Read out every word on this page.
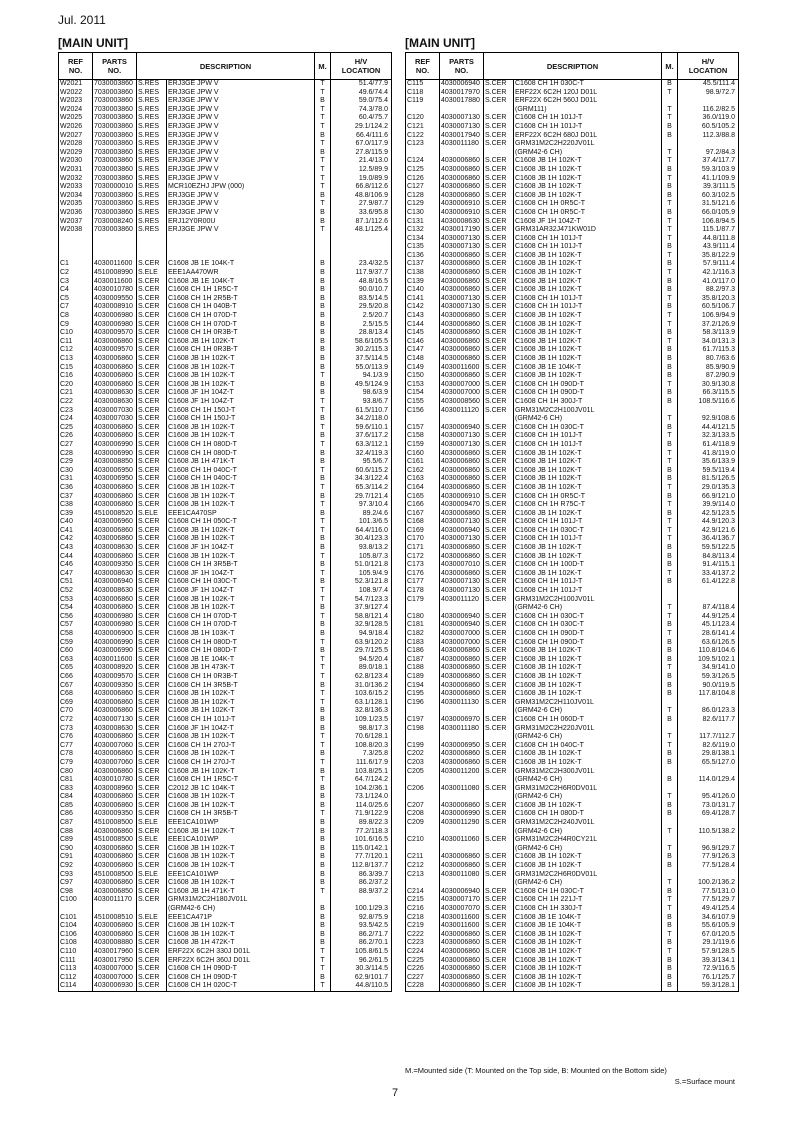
Jul. 2011
[MAIN UNIT]	[MAIN UNIT]
REF
NO.	PARTS
NO.	DESCRIPTION		M.	H/V
LOCATION
W2021	7030003860	S.RES	ERJ3GE JPW V	T	51.4/77.9
W2022	7030003860	S.RES	ERJ3GE JPW V	T	49.6/74.4
W2023	7030003860	S.RES	ERJ3GE JPW V	B	59.0/75.4
W2024	7030003860	S.RES	ERJ3GE JPW V	T	74.3/78.0
W2025	7030003860	S.RES	ERJ3GE JPW V	T	60.4/75.7
W2026	7030003860	S.RES	ERJ3GE JPW V	T	29.1/124.2
W2027	7030003860	S.RES	ERJ3GE JPW V	B	66.4/111.6
W2028	7030003860	S.RES	ERJ3GE JPW V	T	67.0/117.9
W2029	7030003860	S.RES	ERJ3GE JPW V	B	27.8/115.9
W2030	7030003860	S.RES	ERJ3GE JPW V	T	21.4/13.0
W2031	7030003860	S.RES	ERJ3GE JPW V	T	12.5/89.9
W2032	7030003860	S.RES	ERJ3GE JPW V	T	19.0/89.9
W2033	7030000010	S.RES	MCR10EZHJ JPW (000)	T	66.8/112.6
W2034	7030003860	S.RES	ERJ3GE JPW V	B	48.8/106.9
W2035	7030003860	S.RES	ERJ3GE JPW V	T	27.9/87.7
W2036	7030003860	S.RES	ERJ3GE JPW V	B	33.6/95.8
W2037	7030008240	S.RES	ERJ12Y0R00U	B	87.1/112.6
W2038	7030003860	S.RES	ERJ3GE JPW V	T	48.1/125.4

C1	4030011600	S.CER	C1608 JB 1E 104K-T	B	23.4/32.5
C2	4510008990	S.ELE	EEE1AA470WR	B	117.9/37.7
C3	4030011600	S.CER	C1608 JB 1E 104K-T	B	48.8/16.5
C4	4030010780	S.CER	C1608 CH 1H 1R5C-T	B	90.0/10.7
C5	4030009550	S.CER	C1608 CH 1H 2R5B-T	B	83.5/14.5
C7	4030008910	S.CER	C1608 CH 1H 040B-T	B	29.5/20.8
C8	4030006980	S.CER	C1608 CH 1H 070D-T	B	2.5/20.7
C9	4030006980	S.CER	C1608 CH 1H 070D-T	B	2.5/15.5
C10	4030009570	S.CER	C1608 CH 1H 0R3B-T	B	28.8/13.4
C11	4030006860	S.CER	C1608 JB 1H 102K-T	B	58.6/105.5
C12	4030009570	S.CER	C1608 CH 1H 0R3B-T	B	30.2/115.3
C13	4030006860	S.CER	C1608 JB 1H 102K-T	B	37.5/114.5
C15	4030006860	S.CER	C1608 JB 1H 102K-T	B	55.0/113.9
C16	4030006860	S.CER	C1608 JB 1H 102K-T	T	94.1/3.9
C20	4030006860	S.CER	C1608 JB 1H 102K-T	B	49.5/124.9
C21	4030008630	S.CER	C1608 JF 1H 104Z-T	B	98.6/3.9
C22	4030008630	S.CER	C1608 JF 1H 104Z-T	T	93.8/6.7
C23	4030007030	S.CER	C1608 CH 1H 150J-T	T	61.5/110.7
C24	4030007030	S.CER	C1608 CH 1H 150J-T	B	34.2/118.0
C25	4030006860	S.CER	C1608 JB 1H 102K-T	T	59.6/110.1
C26	4030006860	S.CER	C1608 JB 1H 102K-T	B	37.6/117.2
C27	4030006990	S.CER	C1608 CH 1H 080D-T	T	63.3/112.1
C28	4030006990	S.CER	C1608 CH 1H 080D-T	B	32.4/119.3
C29	4030008850	S.CER	C1608 JB 1H 471K-T	B	95.5/6.7
C30	4030006950	S.CER	C1608 CH 1H 040C-T	T	60.6/115.2
C31	4030006950	S.CER	C1608 CH 1H 040C-T	B	34.3/122.4
C36	4030006860	S.CER	C1608 JB 1H 102K-T	T	65.3/114.2
C37	4030006860	S.CER	C1608 JB 1H 102K-T	B	29.7/121.4
C38	4030006860	S.CER	C1608 JB 1H 102K-T	T	97.3/10.4
C39	4510008520	S.ELE	EEE1CA470SP	B	89.2/4.6
C40	4030006960	S.CER	C1608 CH 1H 050C-T	T	101.3/6.5
C41	4030006860	S.CER	C1608 JB 1H 102K-T	T	64.4/116.0
C42	4030006860	S.CER	C1608 JB 1H 102K-T	B	30.4/123.3
C43	4030008630	S.CER	C1608 JF 1H 104Z-T	B	93.8/13.2
C44	4030006860	S.CER	C1608 JB 1H 102K-T	T	105.8/7.3
C46	4030009350	S.CER	C1608 CH 1H 3R5B-T	B	51.0/121.8
C47	4030008630	S.CER	C1608 JF 1H 104Z-T	T	105.9/4.9
C51	4030006940	S.CER	C1608 CH 1H 030C-T	B	52.3/121.8
C52	4030008630	S.CER	C1608 JF 1H 104Z-T	T	108.9/7.4
C53	4030006860	S.CER	C1608 JB 1H 102K-T	T	54.7/123.3
C54	4030006860	S.CER	C1608 JB 1H 102K-T	B	37.9/127.4
C56	4030006980	S.CER	C1608 CH 1H 070D-T	T	58.8/121.4
C57	4030006980	S.CER	C1608 CH 1H 070D-T	B	32.9/128.5
C58	4030006900	S.CER	C1608 JB 1H 103K-T	B	94.9/18.4
C59	4030006990	S.CER	C1608 CH 1H 080D-T	T	63.9/120.2
C60	4030006990	S.CER	C1608 CH 1H 080D-T	B	29.7/125.5
C63	4030011600	S.CER	C1608 JB 1E 104K-T	T	94.5/20.4
C65	4030008920	S.CER	C1608 JB 1H 473K-T	T	89.0/18.1
C66	4030009570	S.CER	C1608 CH 1H 0R3B-T	T	62.8/123.4
C67	4030009350	S.CER	C1608 CH 1H 3R5B-T	B	31.0/136.2
C68	4030006860	S.CER	C1608 JB 1H 102K-T	T	103.6/15.2
C69	4030006860	S.CER	C1608 JB 1H 102K-T	T	63.1/128.1
C70	4030006860	S.CER	C1608 JB 1H 102K-T	B	32.8/136.3
C72	4030007130	S.CER	C1608 CH 1H 101J-T	B	109.1/23.5
C73	4030008630	S.CER	C1608 JF 1H 104Z-T	B	98.8/17.3
C76	4030006860	S.CER	C1608 JB 1H 102K-T	T	70.6/128.1
C77	4030007060	S.CER	C1608 CH 1H 270J-T	T	108.8/20.3
C78	4030006860	S.CER	C1608 JB 1H 102K-T	B	7.3/25.8
C79	4030007060	S.CER	C1608 CH 1H 270J-T	T	111.6/17.9
C80	4030006860	S.CER	C1608 JB 1H 102K-T	B	103.8/25.1
C81	4030010780	S.CER	C1608 CH 1H 1R5C-T	T	64.7/124.2
C83	4030008960	S.CER	C2012 JB 1C 104K-T	B	104.2/36.1
C84	4030006860	S.CER	C1608 JB 1H 102K-T	B	73.1/124.0
C85	4030006860	S.CER	C1608 JB 1H 102K-T	B	114.0/25.6
C86	4030009350	S.CER	C1608 CH 1H 3R5B-T	T	71.9/122.9
C87	4510008500	S.ELE	EEE1CA101WP	B	89.8/22.3
C88	4030006860	S.CER	C1608 JB 1H 102K-T	B	77.2/118.3
C89	4510008500	S.ELE	EEE1CA101WP	B	101.6/16.5
C90	4030006860	S.CER	C1608 JB 1H 102K-T	B	115.0/142.1
C91	4030006860	S.CER	C1608 JB 1H 102K-T	B	77.7/120.1
C92	4030006860	S.CER	C1608 JB 1H 102K-T	B	112.8/137.7
C93	4510008500	S.ELE	EEE1CA101WP	B	86.3/39.7
C97	4030006860	S.CER	C1608 JB 1H 102K-T	B	86.2/37.2
C98	4030006850	S.CER	C1608 JB 1H 471K-T	T	88.9/37.2
C100	4030011170	S.CER	GRM31M2C2H180JV01L		
			(GRM42-6 CH)	B	100.1/29.3
C101	4510008510	S.ELE	EEE1CA471P	B	92.8/75.9
C104	4030006860	S.CER	C1608 JB 1H 102K-T	B	93.5/42.5
C106	4030006860	S.CER	C1608 JB 1H 102K-T	B	86.2/71.7
C108	4030008880	S.CER	C1608 JB 1H 472K-T	B	86.2/70.1
C110	4030017960	S.CER	ERF22X 6C2H 330J D01L	T	105.8/61.5
C111	4030017950	S.CER	ERF22X 6C2H 360J D01L	T	96.2/61.5
C113	4030007000	S.CER	C1608 CH 1H 090D-T	T	30.3/114.5
C112	4030007000	S.CER	C1608 CH 1H 090D-T	B	62.9/101.7
C114	4030006930	S.CER	C1608 CH 1H 020C-T	T	44.8/110.5
REF
NO.	PARTS
NO.	DESCRIPTION		M.	H/V
LOCATION
C115	4030006940	S.CER	C1608 CH 1H 030C-T	B	45.5/111.4
C118	4030017970	S.CER	ERF22X 6C2H 120J D01L	T	98.9/72.7
C119	4030017880	S.CER	ERF22X 6C2H 560J D01L		
			(GRM111)	T	116.2/82.5
C120	4030007130	S.CER	C1608 CH 1H 101J-T	T	36.0/119.0
C121	4030007130	S.CER	C1608 CH 1H 101J-T	B	60.5/105.2
C122	4030017940	S.CER	ERF22X 6C2H 680J D01L	B	112.3/88.8
C123	4030011180	S.CER	GRM31M2C2H220JV01L		
			(GRM42-6 CH)	T	97.2/84.3
C124	4030006860	S.CER	C1608 JB 1H 102K-T	T	37.4/117.7
C125	4030006860	S.CER	C1608 JB 1H 102K-T	B	59.3/103.9
C126	4030006860	S.CER	C1608 JB 1H 102K-T	T	41.1/109.9
C127	4030006860	S.CER	C1608 JB 1H 102K-T	B	39.3/111.5
C128	4030006860	S.CER	C1608 JB 1H 102K-T	B	60.3/102.5
C129	4030006910	S.CER	C1608 CH 1H 0R5C-T	T	31.5/121.6
C130	4030006910	S.CER	C1608 CH 1H 0R5C-T	B	66.0/105.9
C131	4030008630	S.CER	C1608 JF 1H 104Z-T	T	106.8/94.5
C132	4030017190	S.CER	GRM31AR32J471KW01D	T	115.1/87.7
C134	4030007130	S.CER	C1608 CH 1H 101J-T	T	44.8/111.8
C135	4030007130	S.CER	C1608 CH 1H 101J-T	B	43.9/111.4
C136	4030006860	S.CER	C1608 JB 1H 102K-T	T	35.8/122.9
C137	4030006860	S.CER	C1608 JB 1H 102K-T	B	57.9/111.4
C138	4030006860	S.CER	C1608 JB 1H 102K-T	T	42.1/116.3
C139	4030006860	S.CER	C1608 JB 1H 102K-T	B	41.0/117.0
C140	4030006860	S.CER	C1608 JB 1H 102K-T	B	88.2/97.3
C141	4030007130	S.CER	C1608 CH 1H 101J-T	T	35.8/120.3
C142	4030007130	S.CER	C1608 CH 1H 101J-T	B	60.5/106.7
C143	4030006860	S.CER	C1608 JB 1H 102K-T	T	106.9/94.9
C144	4030006860	S.CER	C1608 JB 1H 102K-T	T	37.2/126.9
C145	4030006860	S.CER	C1608 JB 1H 102K-T	B	58.3/113.9
C146	4030006860	S.CER	C1608 JB 1H 102K-T	T	34.0/131.3
C147	4030006860	S.CER	C1608 JB 1H 102K-T	B	61.7/115.3
C148	4030006860	S.CER	C1608 JB 1H 102K-T	B	80.7/63.6
C149	4030011600	S.CER	C1608 JB 1E 104K-T	B	85.9/90.9
C150	4030006860	S.CER	C1608 JB 1H 102K-T	B	87.2/90.9
C153	4030007000	S.CER	C1608 CH 1H 090D-T	T	30.9/130.8
C154	4030007000	S.CER	C1608 CH 1H 090D-T	B	66.3/115.5
C155	4030008560	S.CER	C1608 CH 1H 300J-T	B	108.5/116.6
C156	4030011120	S.CER	GRM31M2C2H100JV01L		
			(GRM42-6 CH)	T	92.9/108.6
C157	4030006940	S.CER	C1608 CH 1H 030C-T	B	44.4/121.5
C158	4030007130	S.CER	C1608 CH 1H 101J-T	T	32.3/133.5
C159	4030007130	S.CER	C1608 CH 1H 101J-T	B	61.4/118.9
C160	4030006860	S.CER	C1608 JB 1H 102K-T	T	41.8/119.0
C161	4030006860	S.CER	C1608 JB 1H 102K-T	T	35.6/133.9
C162	4030006860	S.CER	C1608 JB 1H 102K-T	B	59.5/119.4
C163	4030006860	S.CER	C1608 JB 1H 102K-T	B	81.5/126.5
C164	4030006860	S.CER	C1608 JB 1H 102K-T	T	29.0/135.3
C165	4030006910	S.CER	C1608 CH 1H 0R5C-T	B	66.9/121.0
C166	4030009470	S.CER	C1608 CH 1H R75C-T	T	39.9/114.0
C167	4030006860	S.CER	C1608 JB 1H 102K-T	B	42.5/123.5
C168	4030007130	S.CER	C1608 CH 1H 101J-T	T	44.9/120.3
C169	4030006940	S.CER	C1608 CH 1H 030C-T	T	42.9/121.6
C170	4030007130	S.CER	C1608 CH 1H 101J-T	T	36.4/136.7
C171	4030006860	S.CER	C1608 JB 1H 102K-T	B	59.5/122.5
C172	4030006860	S.CER	C1608 JB 1H 102K-T	B	84.8/113.4
C173	4030007010	S.CER	C1608 CH 1H 100D-T	B	91.4/115.1
C176	4030006860	S.CER	C1608 JB 1H 102K-T	T	33.4/137.2
C177	4030007130	S.CER	C1608 CH 1H 101J-T	B	61.4/122.8
C178	4030007130	S.CER	C1608 CH 1H 101J-T		
C179	4030011120	S.CER	GRM31M2C2H100JV01L		
			(GRM42-6 CH)	T	87.4/118.4
C180	4030006940	S.CER	C1608 CH 1H 030C-T	T	44.9/125.4
C181	4030006940	S.CER	C1608 CH 1H 030C-T	B	45.1/123.4
C182	4030007000	S.CER	C1608 CH 1H 090D-T	T	28.6/141.4
C183	4030007000	S.CER	C1608 CH 1H 090D-T	B	63.6/126.5
C186	4030006860	S.CER	C1608 JB 1H 102K-T	B	110.8/104.6
C187	4030006860	S.CER	C1608 JB 1H 102K-T	B	109.5/102.1
C188	4030006860	S.CER	C1608 JB 1H 102K-T	T	34.9/141.0
C189	4030006860	S.CER	C1608 JB 1H 102K-T	B	59.3/126.5
C194	4030006860	S.CER	C1608 JB 1H 102K-T	B	90.0/119.5
C195	4030006860	S.CER	C1608 JB 1H 102K-T	B	117.8/104.8
C196	4030011130	S.CER	GRM31M2C2H110JV01L		
			(GRM42-6 CH)	T	86.0/123.3
C197	4030006970	S.CER	C1608 CH 1H 060D-T	B	82.6/117.7
C198	4030011180	S.CER	GRM31M2C2H220JV01L		
			(GRM42-6 CH)	T	117.7/112.7
C199	4030006950	S.CER	C1608 CH 1H 040C-T	T	82.6/119.0
C202	4030006860	S.CER	C1608 JB 1H 102K-T	B	29.8/138.1
C203	4030006860	S.CER	C1608 JB 1H 102K-T	B	65.5/127.0
C205	4030011200	S.CER	GRM31M2C2H300JV01L		
			(GRM42-6 CH)	B	114.0/129.4
C206	4030011080	S.CER	GRM31M2C2H6R0DV01L		
			(GRM42-6 CH)	T	95.4/126.0
C207	4030006860	S.CER	C1608 JB 1H 102K-T	B	73.0/131.7
C208	4030006990	S.CER	C1608 CH 1H 080D-T	B	69.4/128.7
C209	4030011290	S.CER	GRM31M2C2H240JV01L		
			(GRM42-6 CH)	T	110.5/138.2
C210	4030011060	S.CER	GRM31M2C2H4R0CY21L		
			(GRM42-6 CH)	T	96.9/129.7
C211	4030006860	S.CER	C1608 JB 1H 102K-T	B	77.9/126.3
C212	4030006860	S.CER	C1608 JB 1H 102K-T	B	77.5/128.4
C213	4030011080	S.CER	GRM31M2C2H6R0DV01L		
			(GRM42-6 CH)	T	100.2/136.2
C214	4030006940	S.CER	C1608 CH 1H 030C-T	B	77.5/131.0
C215	4030007170	S.CER	C1608 CH 1H 221J-T	T	77.5/129.7
C216	4030007070	S.CER	C1608 CH 1H 330J-T	T	49.4/125.4
C218	4030011600	S.CER	C1608 JB 1E 104K-T	B	34.6/107.9
C219	4030011600	S.CER	C1608 JB 1E 104K-T	B	55.6/105.9
C222	4030006860	S.CER	C1608 JB 1H 102K-T	T	67.0/120.5
C223	4030006860	S.CER	C1608 JB 1H 102K-T	B	29.1/119.6
C224	4030006860	S.CER	C1608 JB 1H 102K-T	T	57.9/128.5
C225	4030006860	S.CER	C1608 JB 1H 102K-T	B	39.3/134.1
C226	4030006860	S.CER	C1608 JB 1H 102K-T	B	72.9/116.5
C227	4030006860	S.CER	C1608 JB 1H 102K-T	B	76.1/125.7
C228	4030006860	S.CER	C1608 JB 1H 102K-T	B	59.3/128.1
M.=Mounted side (T: Mounted on the Top side, B: Mounted on the Bottom side)
S.=Surface mount
7
